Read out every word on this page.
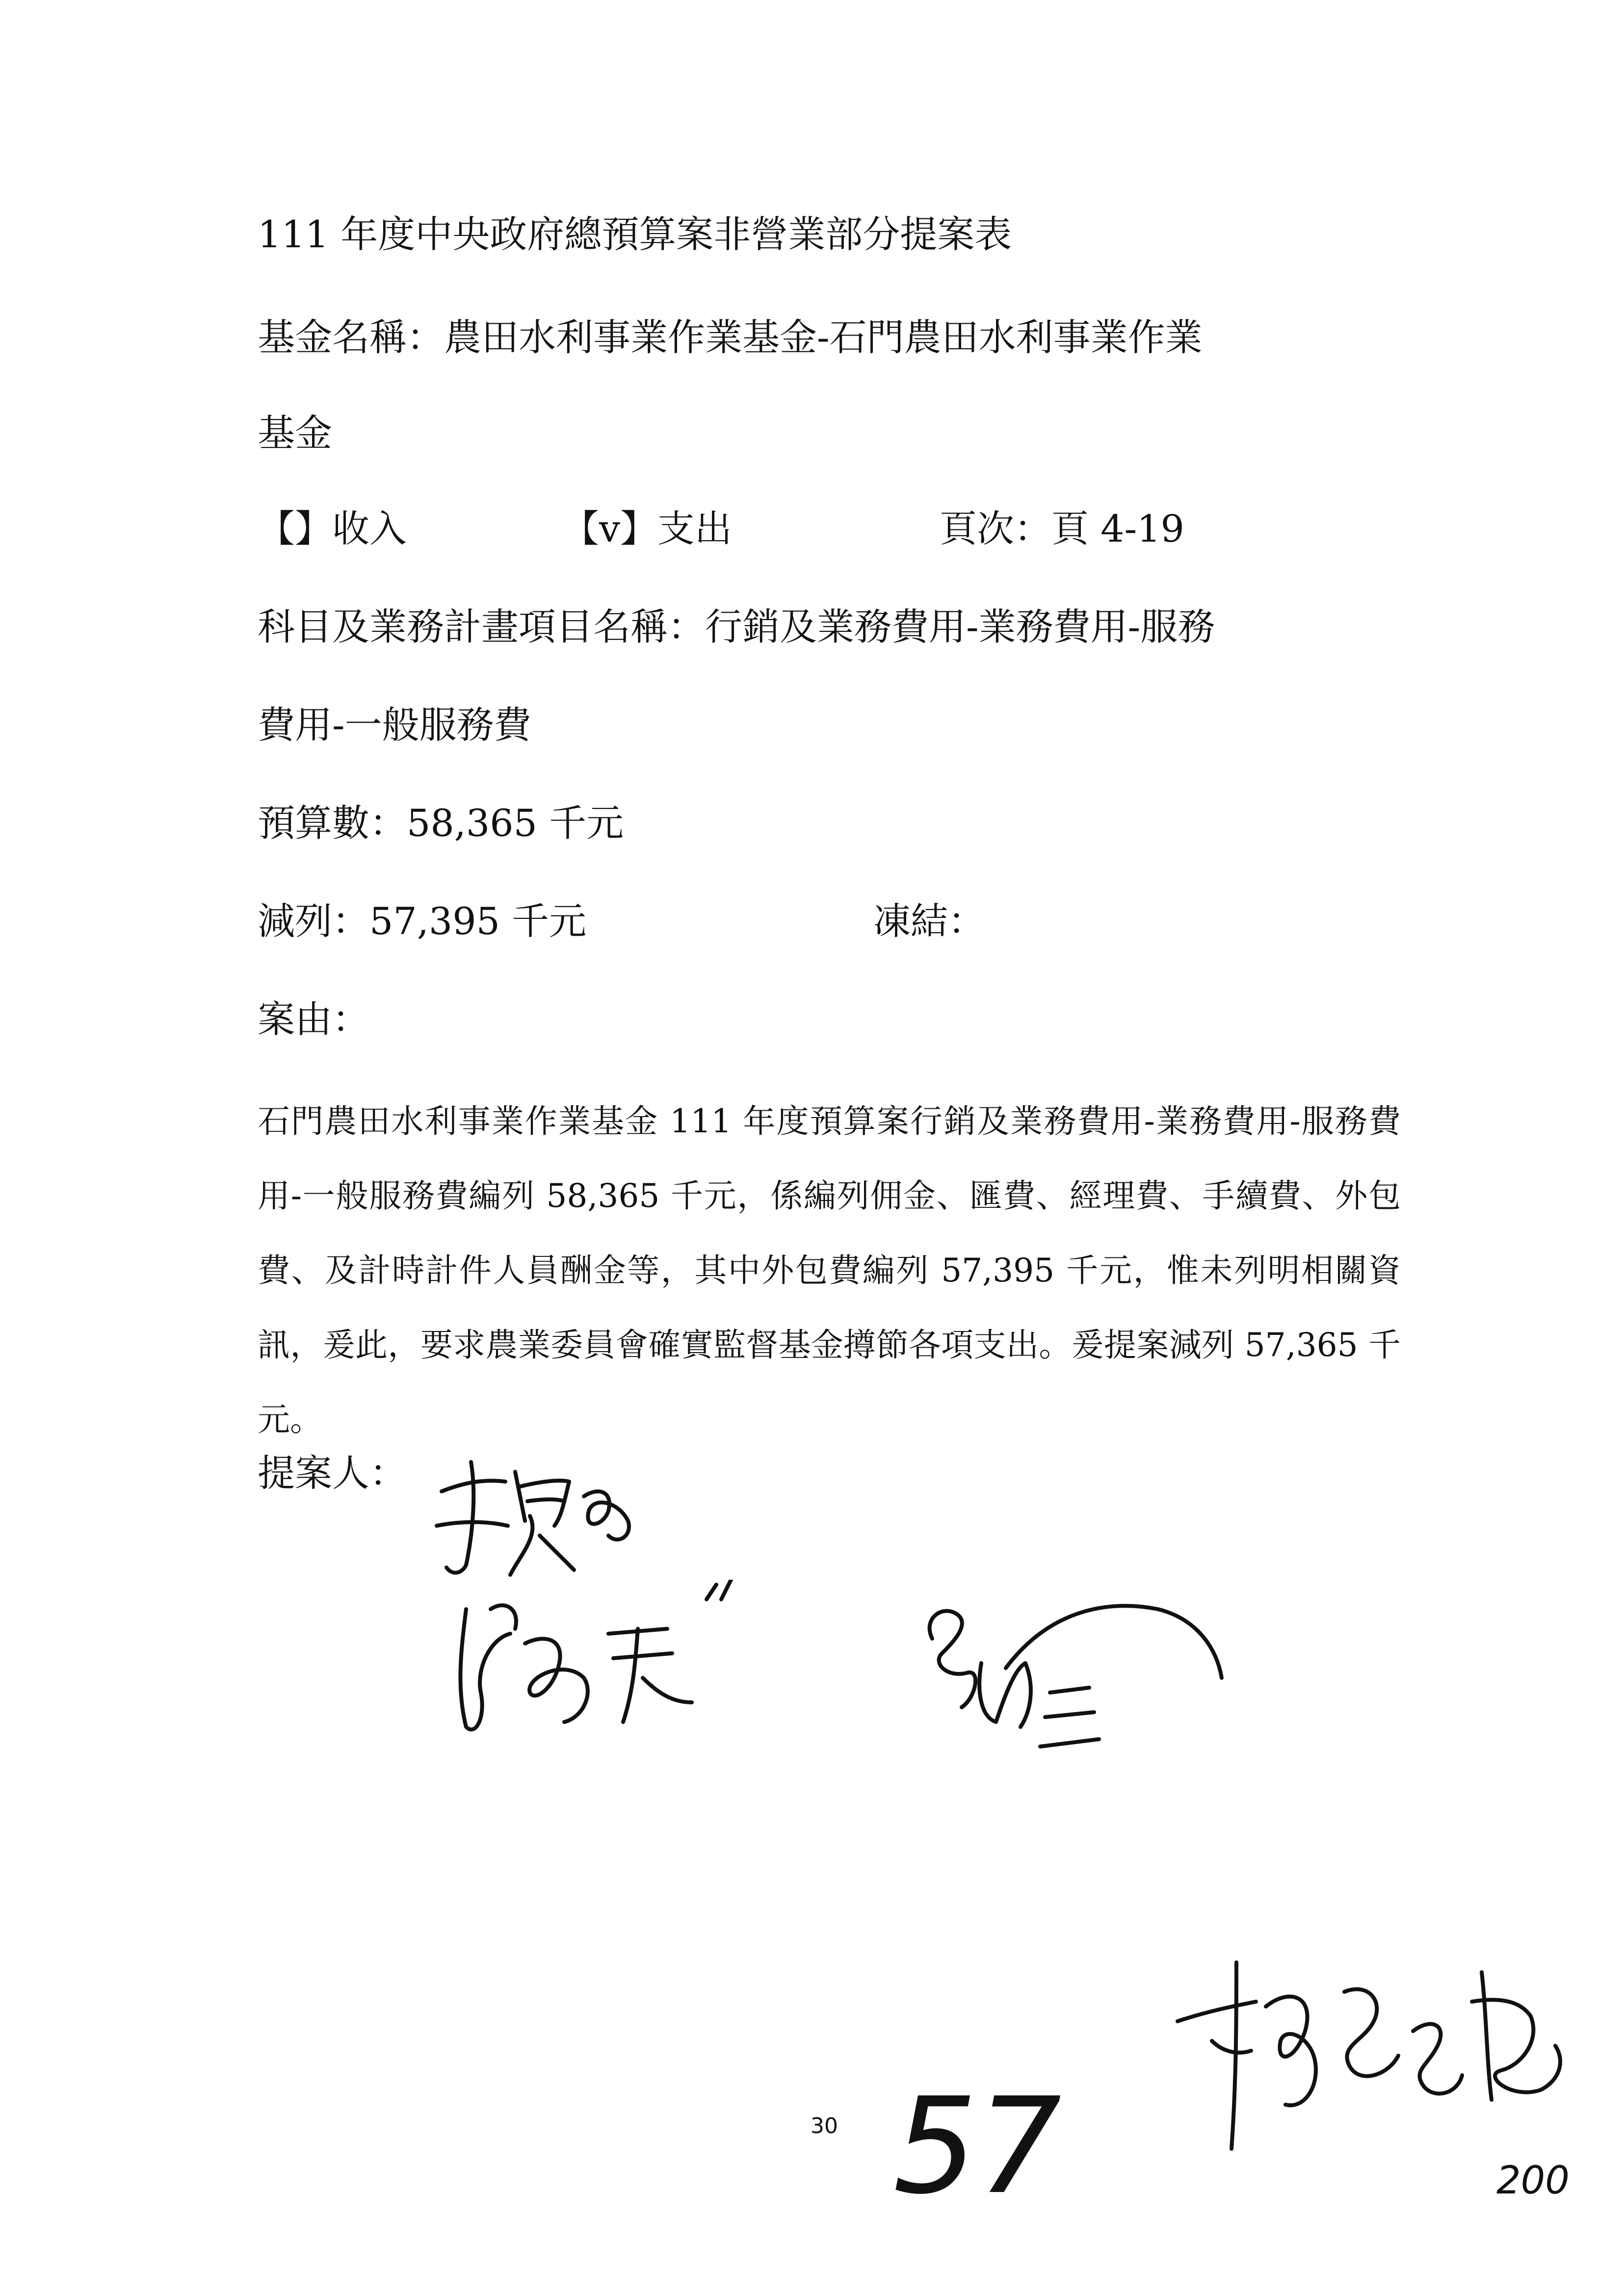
111 年度中央政府總預算案非營業部分提案表
基金名稱：農田水利事業作業基金-石門農田水利事業作業
基金
【】收入	【v】支出	頁次：頁 4-19
科目及業務計畫項目名稱：行銷及業務費用-業務費用-服務
費用-一般服務費
預算數：58,365 千元
減列：57,395 千元	凍結：
案由：
石門農田水利事業作業基金 111 年度預算案行銷及業務費用-業務費用-服務費用-一般服務費編列 58,365 千元，係編列佣金、匯費、經理費、手續費、外包費、及計時計件人員酬金等，其中外包費編列 57,395 千元，惟未列明相關資訊，爰此，要求農業委員會確實監督基金撙節各項支出。爰提案減列 57,365 千元。
提案人：
30 57	200
